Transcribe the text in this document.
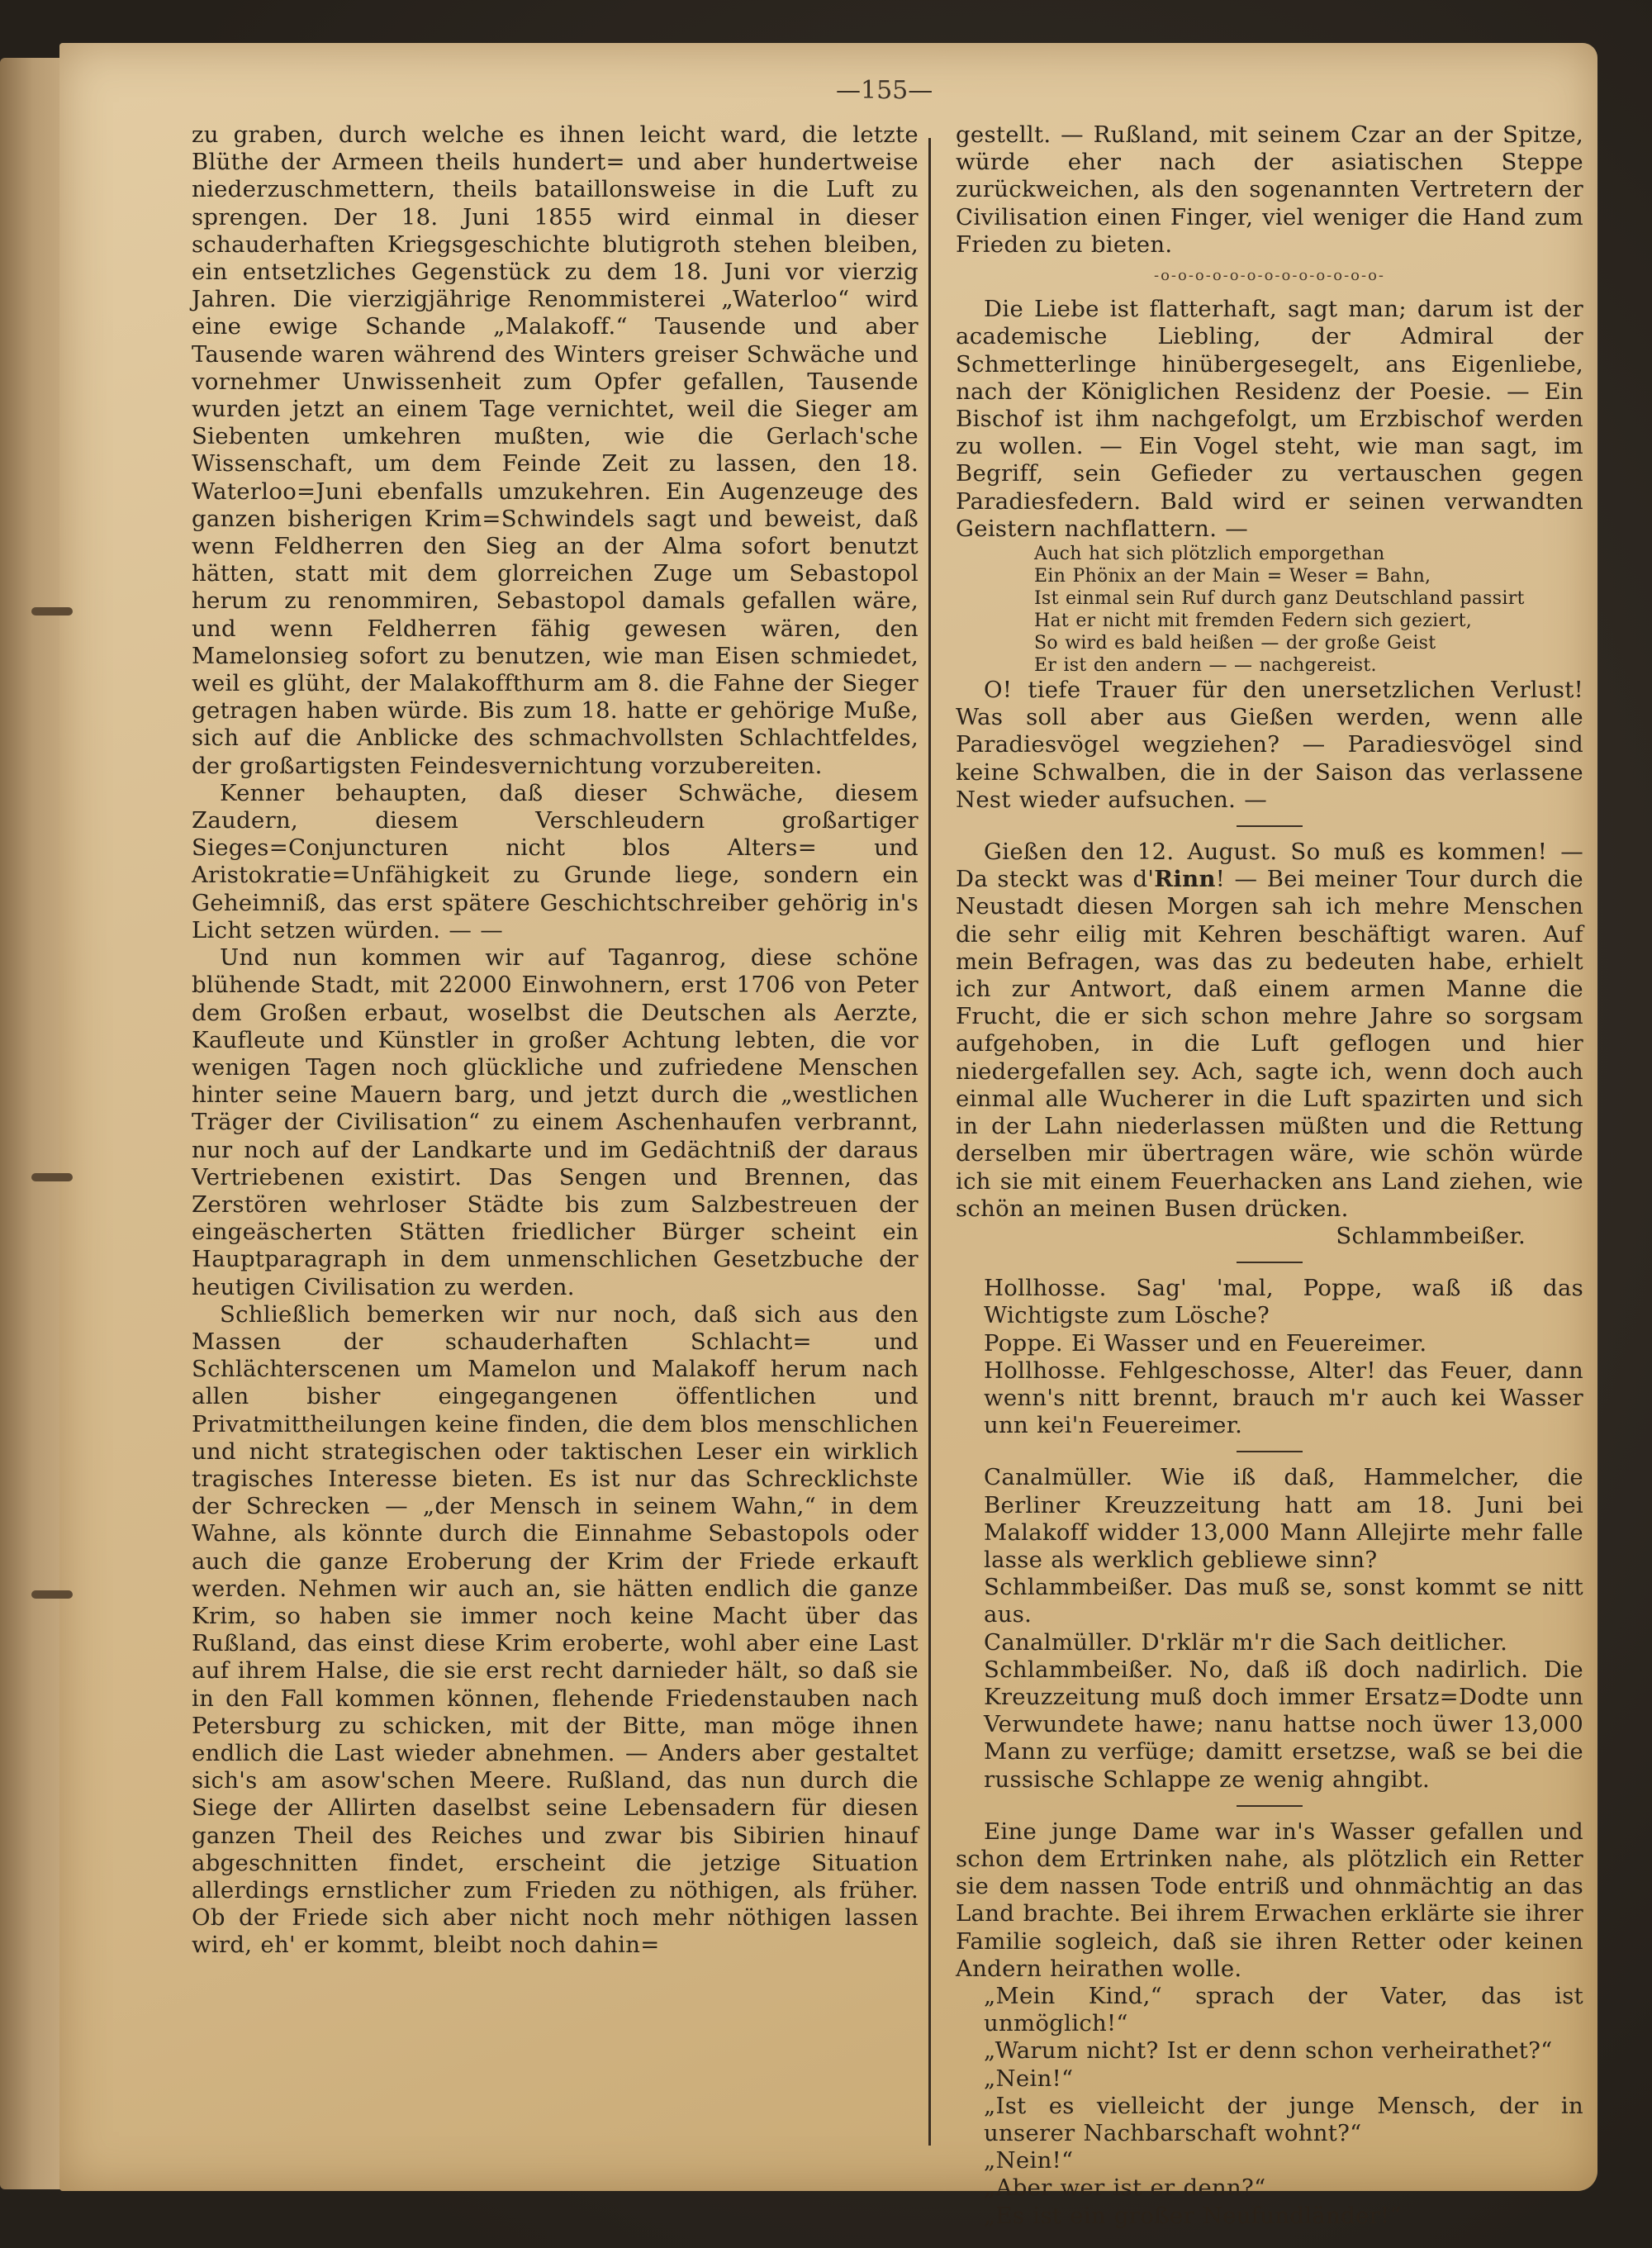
—155—

zu graben, durch welche es ihnen leicht ward, die letzte Blüthe der Armeen theils hundert= und aber hundertweise niederzuschmettern, theils bataillonsweise in die Luft zu sprengen. Der 18. Juni 1855 wird einmal in dieser schauderhaften Kriegsgeschichte blutigroth stehen bleiben, ein entsetzliches Gegenstück zu dem 18. Juni vor vierzig Jahren. Die vierzigjährige Renommisterei „Waterloo“ wird eine ewige Schande „Malakoff.“ Tausende und aber Tausende waren während des Winters greiser Schwäche und vornehmer Unwissenheit zum Opfer gefallen, Tausende wurden jetzt an einem Tage vernichtet, weil die Sieger am Siebenten umkehren mußten, wie die Gerlach'sche Wissenschaft, um dem Feinde Zeit zu lassen, den 18. Waterloo=Juni ebenfalls umzukehren. Ein Augenzeuge des ganzen bisherigen Krim=Schwindels sagt und beweist, daß wenn Feldherren den Sieg an der Alma sofort benutzt hätten, statt mit dem glorreichen Zuge um Sebastopol herum zu renommiren, Sebastopol damals gefallen wäre, und wenn Feldherren fähig gewesen wären, den Mamelonsieg sofort zu benutzen, wie man Eisen schmiedet, weil es glüht, der Malakoffthurm am 8. die Fahne der Sieger getragen haben würde. Bis zum 18. hatte er gehörige Muße, sich auf die Anblicke des schmachvollsten Schlachtfeldes, der großartigsten Feindesvernichtung vorzubereiten.

Kenner behaupten, daß dieser Schwäche, diesem Zaudern, diesem Verschleudern großartiger Sieges=Conjuncturen nicht blos Alters= und Aristokratie=Unfähigkeit zu Grunde liege, sondern ein Geheimniß, das erst spätere Geschichtschreiber gehörig in's Licht setzen würden. — —

Und nun kommen wir auf Taganrog, diese schöne blühende Stadt, mit 22000 Einwohnern, erst 1706 von Peter dem Großen erbaut, woselbst die Deutschen als Aerzte, Kaufleute und Künstler in großer Achtung lebten, die vor wenigen Tagen noch glückliche und zufriedene Menschen hinter seine Mauern barg, und jetzt durch die „westlichen Träger der Civilisation“ zu einem Aschenhaufen verbrannt, nur noch auf der Landkarte und im Gedächtniß der daraus Vertriebenen existirt. Das Sengen und Brennen, das Zerstören wehrloser Städte bis zum Salzbestreuen der eingeäscherten Stätten friedlicher Bürger scheint ein Hauptparagraph in dem unmenschlichen Gesetzbuche der heutigen Civilisation zu werden.

Schließlich bemerken wir nur noch, daß sich aus den Massen der schauderhaften Schlacht= und Schlächterscenen um Mamelon und Malakoff herum nach allen bisher eingegangenen öffentlichen und Privatmittheilungen keine finden, die dem blos menschlichen und nicht strategischen oder taktischen Leser ein wirklich tragisches Interesse bieten. Es ist nur das Schrecklichste der Schrecken — „der Mensch in seinem Wahn,“ in dem Wahne, als könnte durch die Einnahme Sebastopols oder auch die ganze Eroberung der Krim der Friede erkauft werden. Nehmen wir auch an, sie hätten endlich die ganze Krim, so haben sie immer noch keine Macht über das Rußland, das einst diese Krim eroberte, wohl aber eine Last auf ihrem Halse, die sie erst recht darnieder hält, so daß sie in den Fall kommen können, flehende Friedenstauben nach Petersburg zu schicken, mit der Bitte, man möge ihnen endlich die Last wieder abnehmen. — Anders aber gestaltet sich's am asow'schen Meere. Rußland, das nun durch die Siege der Allirten daselbst seine Lebensadern für diesen ganzen Theil des Reiches und zwar bis Sibirien hinauf abgeschnitten findet, erscheint die jetzige Situation allerdings ernstlicher zum Frieden zu nöthigen, als früher. Ob der Friede sich aber nicht noch mehr nöthigen lassen wird, eh' er kommt, bleibt noch dahin=

gestellt. — Rußland, mit seinem Czar an der Spitze, würde eher nach der asiatischen Steppe zurückweichen, als den sogenannten Vertretern der Civilisation einen Finger, viel weniger die Hand zum Frieden zu bieten.

-o-o-o-o-o-o-o-o-o-o-o-o-o-

Die Liebe ist flatterhaft, sagt man; darum ist der academische Liebling, der Admiral der Schmetterlinge hinübergesegelt, ans Eigenliebe, nach der Königlichen Residenz der Poesie. — Ein Bischof ist ihm nachgefolgt, um Erzbischof werden zu wollen. — Ein Vogel steht, wie man sagt, im Begriff, sein Gefieder zu vertauschen gegen Paradiesfedern. Bald wird er seinen verwandten Geistern nachflattern. —

Auch hat sich plötzlich emporgethan
Ein Phönix an der Main = Weser = Bahn,
Ist einmal sein Ruf durch ganz Deutschland passirt
Hat er nicht mit fremden Federn sich geziert,
So wird es bald heißen — der große Geist
Er ist den andern — — nachgereist.

O! tiefe Trauer für den unersetzlichen Verlust! Was soll aber aus Gießen werden, wenn alle Paradiesvögel wegziehen? — Paradiesvögel sind keine Schwalben, die in der Saison das verlassene Nest wieder aufsuchen. —

Gießen den 12. August. So muß es kommen! — Da steckt was d'Rinn! — Bei meiner Tour durch die Neustadt diesen Morgen sah ich mehre Menschen die sehr eilig mit Kehren beschäftigt waren. Auf mein Befragen, was das zu bedeuten habe, erhielt ich zur Antwort, daß einem armen Manne die Frucht, die er sich schon mehre Jahre so sorgsam aufgehoben, in die Luft geflogen und hier niedergefallen sey. Ach, sagte ich, wenn doch auch einmal alle Wucherer in die Luft spazirten und sich in der Lahn niederlassen müßten und die Rettung derselben mir übertragen wäre, wie schön würde ich sie mit einem Feuerhacken ans Land ziehen, wie schön an meinen Busen drücken.

Schlammbeißer.

Hollhosse. Sag' 'mal, Poppe, waß iß das Wichtigste zum Lösche?

Poppe. Ei Wasser und en Feuereimer.

Hollhosse. Fehlgeschosse, Alter! das Feuer, dann wenn's nitt brennt, brauch m'r auch kei Wasser unn kei'n Feuereimer.

Canalmüller. Wie iß daß, Hammelcher, die Berliner Kreuzzeitung hatt am 18. Juni bei Malakoff widder 13,000 Mann Allejirte mehr falle lasse als werklich gebliewe sinn?

Schlammbeißer. Das muß se, sonst kommt se nitt aus.

Canalmüller. D'rklär m'r die Sach deitlicher.

Schlammbeißer. No, daß iß doch nadirlich. Die Kreuzzeitung muß doch immer Ersatz=Dodte unn Verwundete hawe; nanu hattse noch üwer 13,000 Mann zu verfüge; damitt ersetzse, waß se bei die russische Schlappe ze wenig ahngibt.

Eine junge Dame war in's Wasser gefallen und schon dem Ertrinken nahe, als plötzlich ein Retter sie dem nassen Tode entriß und ohnmächtig an das Land brachte. Bei ihrem Erwachen erklärte sie ihrer Familie sogleich, daß sie ihren Retter oder keinen Andern heirathen wolle.

„Mein Kind,“ sprach der Vater, das ist unmöglich!“

„Warum nicht? Ist er denn schon verheirathet?“

„Nein!“

„Ist es vielleicht der junge Mensch, der in unserer Nachbarschaft wohnt?“

„Nein!“

„Aber wer ist er denn?“

„Es ist ein großer Neufundländer!“
